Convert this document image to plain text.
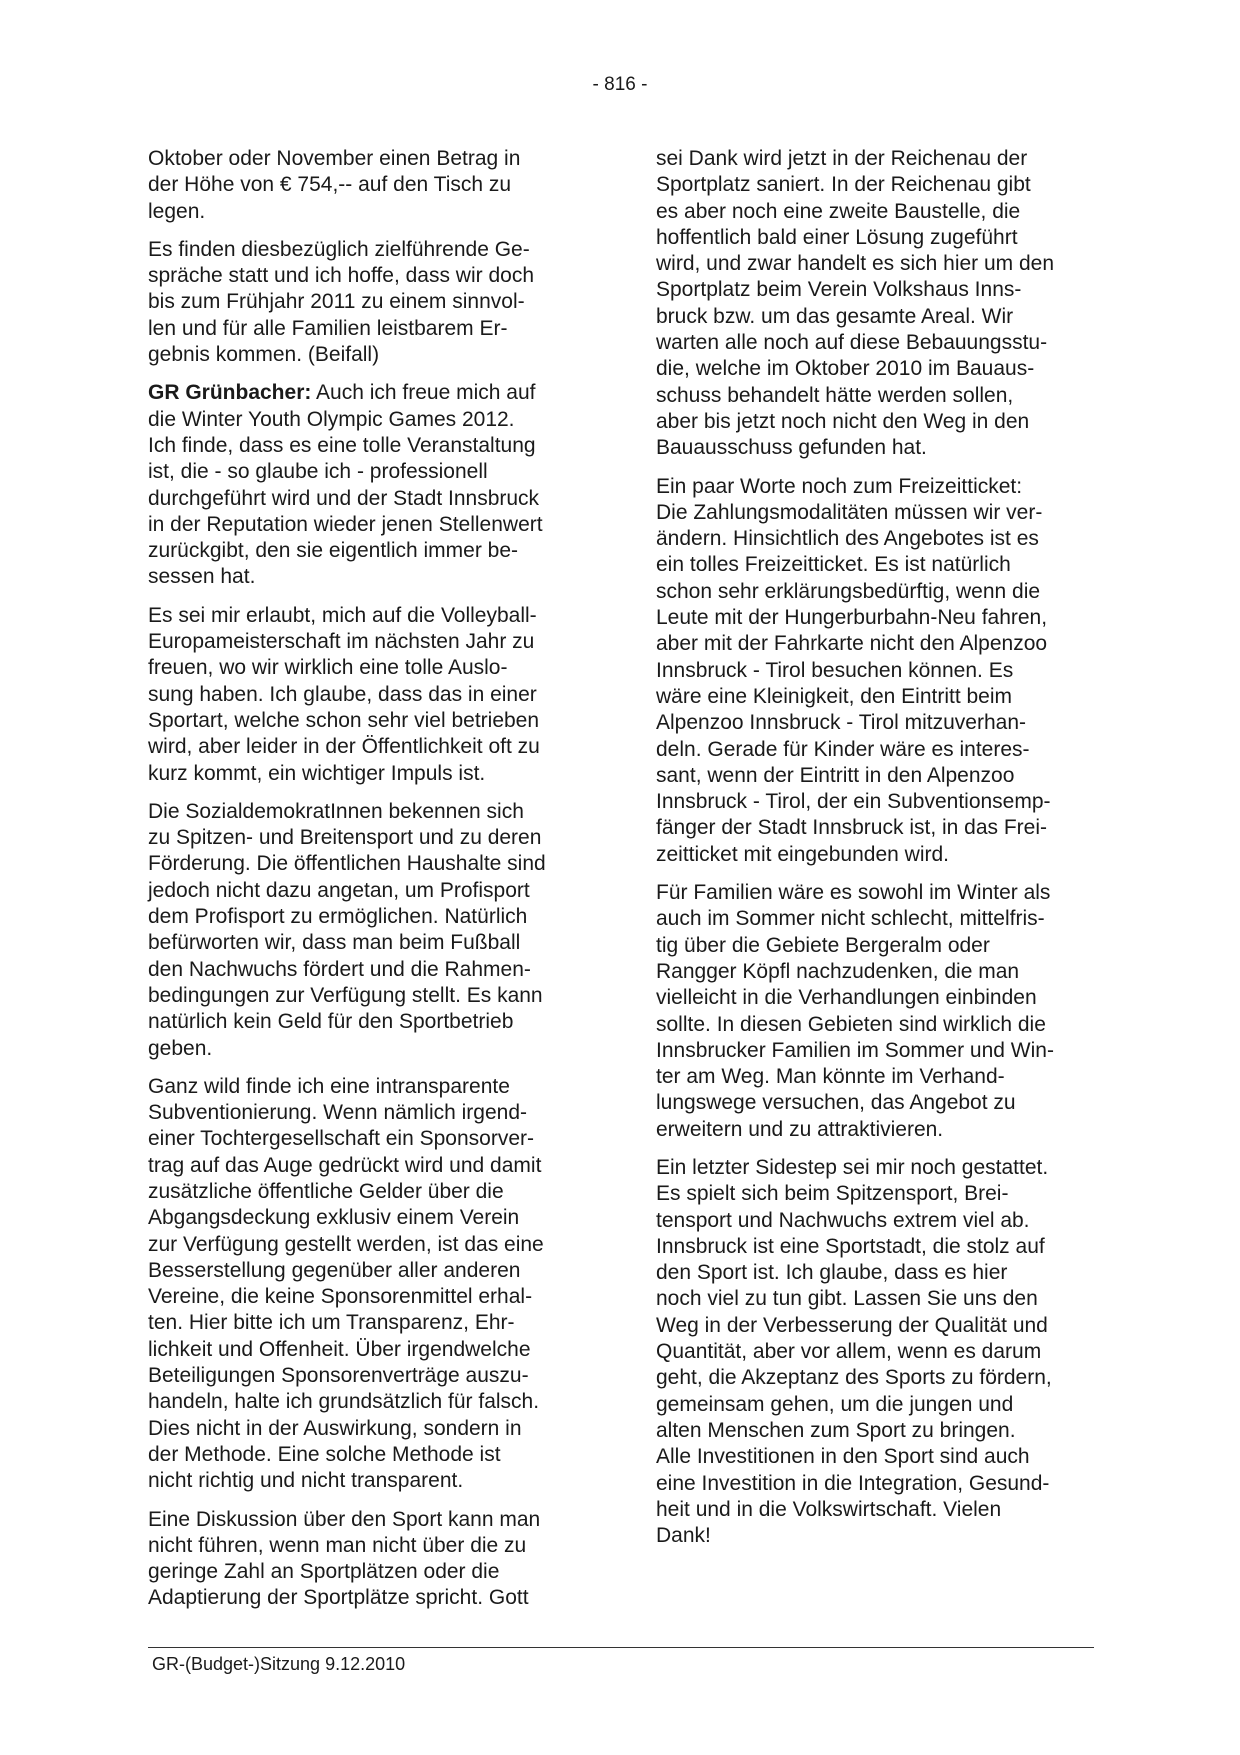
- 816 -
Oktober oder November einen Betrag in
der Höhe von € 754,-- auf den Tisch zu
legen.
Es finden diesbezüglich zielführende Ge-
spräche statt und ich hoffe, dass wir doch
bis zum Frühjahr 2011 zu einem sinnvol-
len und für alle Familien leistbarem Er-
gebnis kommen. (Beifall)
GR Grünbacher: Auch ich freue mich auf
die Winter Youth Olympic Games 2012.
Ich finde, dass es eine tolle Veranstaltung
ist, die - so glaube ich - professionell
durchgeführt wird und der Stadt Innsbruck
in der Reputation wieder jenen Stellenwert
zurückgibt, den sie eigentlich immer be-
sessen hat.
Es sei mir erlaubt, mich auf die Volleyball-
Europameisterschaft im nächsten Jahr zu
freuen, wo wir wirklich eine tolle Auslo-
sung haben. Ich glaube, dass das in einer
Sportart, welche schon sehr viel betrieben
wird, aber leider in der Öffentlichkeit oft zu
kurz kommt, ein wichtiger Impuls ist.
Die SozialdemokratInnen bekennen sich
zu Spitzen- und Breitensport und zu deren
Förderung. Die öffentlichen Haushalte sind
jedoch nicht dazu angetan, um Profisport
dem Profisport zu ermöglichen. Natürlich
befürworten wir, dass man beim Fußball
den Nachwuchs fördert und die Rahmen-
bedingungen zur Verfügung stellt. Es kann
natürlich kein Geld für den Sportbetrieb
geben.
Ganz wild finde ich eine intransparente
Subventionierung. Wenn nämlich irgend-
einer Tochtergesellschaft ein Sponsorver-
trag auf das Auge gedrückt wird und damit
zusätzliche öffentliche Gelder über die
Abgangsdeckung exklusiv einem Verein
zur Verfügung gestellt werden, ist das eine
Besserstellung gegenüber aller anderen
Vereine, die keine Sponsorenmittel erhal-
ten. Hier bitte ich um Transparenz, Ehr-
lichkeit und Offenheit. Über irgendwelche
Beteiligungen Sponsorenverträge auszu-
handeln, halte ich grundsätzlich für falsch.
Dies nicht in der Auswirkung, sondern in
der Methode. Eine solche Methode ist
nicht richtig und nicht transparent.
Eine Diskussion über den Sport kann man
nicht führen, wenn man nicht über die zu
geringe Zahl an Sportplätzen oder die
Adaptierung der Sportplätze spricht. Gott
sei Dank wird jetzt in der Reichenau der
Sportplatz saniert. In der Reichenau gibt
es aber noch eine zweite Baustelle, die
hoffentlich bald einer Lösung zugeführt
wird, und zwar handelt es sich hier um den
Sportplatz beim Verein Volkshaus Inns-
bruck bzw. um das gesamte Areal. Wir
warten alle noch auf diese Bebauungsstu-
die, welche im Oktober 2010 im Bauaus-
schuss behandelt hätte werden sollen,
aber bis jetzt noch nicht den Weg in den
Bauausschuss gefunden hat.
Ein paar Worte noch zum Freizeitticket:
Die Zahlungsmodalitäten müssen wir ver-
ändern. Hinsichtlich des Angebotes ist es
ein tolles Freizeitticket. Es ist natürlich
schon sehr erklärungsbedürftig, wenn die
Leute mit der Hungerburbahn-Neu fahren,
aber mit der Fahrkarte nicht den Alpenzoo
Innsbruck - Tirol besuchen können. Es
wäre eine Kleinigkeit, den Eintritt beim
Alpenzoo Innsbruck - Tirol mitzuverhan-
deln. Gerade für Kinder wäre es interes-
sant, wenn der Eintritt in den Alpenzoo
Innsbruck - Tirol, der ein Subventionsemp-
fänger der Stadt Innsbruck ist, in das Frei-
zeitticket mit eingebunden wird.
Für Familien wäre es sowohl im Winter als
auch im Sommer nicht schlecht, mittelfris-
tig über die Gebiete Bergeralm oder
Rangger Köpfl nachzudenken, die man
vielleicht in die Verhandlungen einbinden
sollte. In diesen Gebieten sind wirklich die
Innsbrucker Familien im Sommer und Win-
ter am Weg. Man könnte im Verhand-
lungswege versuchen, das Angebot zu
erweitern und zu attraktivieren.
Ein letzter Sidestep sei mir noch gestattet.
Es spielt sich beim Spitzensport, Brei-
tensport und Nachwuchs extrem viel ab.
Innsbruck ist eine Sportstadt, die stolz auf
den Sport ist. Ich glaube, dass es hier
noch viel zu tun gibt. Lassen Sie uns den
Weg in der Verbesserung der Qualität und
Quantität, aber vor allem, wenn es darum
geht, die Akzeptanz des Sports zu fördern,
gemeinsam gehen, um die jungen und
alten Menschen zum Sport zu bringen.
Alle Investitionen in den Sport sind auch
eine Investition in die Integration, Gesund-
heit und in die Volkswirtschaft. Vielen
Dank!
GR-(Budget-)Sitzung 9.12.2010
